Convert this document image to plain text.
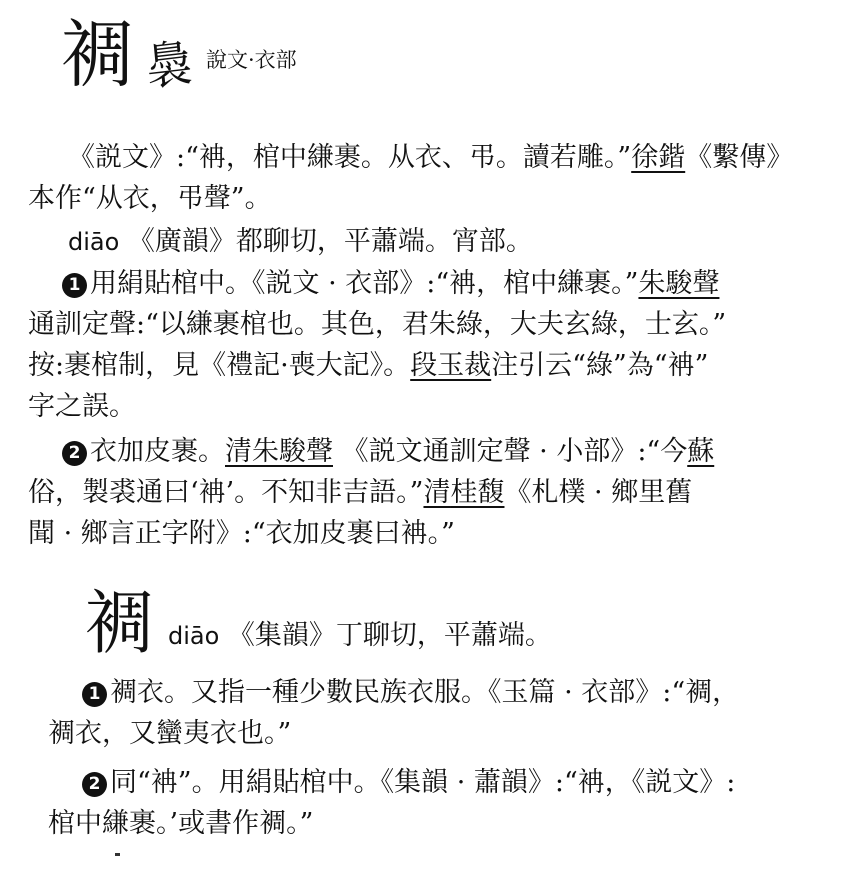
裯 䙚 說文·衣部
《説文》:“袡，棺中縑裹。从衣、弔。讀若雕。”徐鍇《繫傳》
本作“从衣，弔聲”。
diāo 《廣韻》都聊切，平蕭端。宵部。
1 用絹貼棺中。《説文 · 衣部》:“袡，棺中縑裹。”朱駿聲
通訓定聲:“以縑裹棺也。其色，君朱綠，大夫玄綠，士玄。”
按:裹棺制，見《禮記·喪大記》。段玉裁注引云“綠”為“袡”
字之誤。
2 衣加皮裹。清朱駿聲 《説文通訓定聲 · 小部》:“今蘇
俗，製裘通曰‘袡’。不知非吉語。”清桂馥《札樸 · 鄉里舊
聞 · 鄉言正字附》:“衣加皮裹曰袡。”
裯 diāo 《集韻》丁聊切，平蕭端。
1 裯衣。又指一種少數民族衣服。《玉篇 · 衣部》:“裯，
裯衣，又蠻夷衣也。”
2 同“袡”。用絹貼棺中。《集韻 · 蕭韻》:“袡，《説文》:
棺中縑裹。’或書作裯。”
